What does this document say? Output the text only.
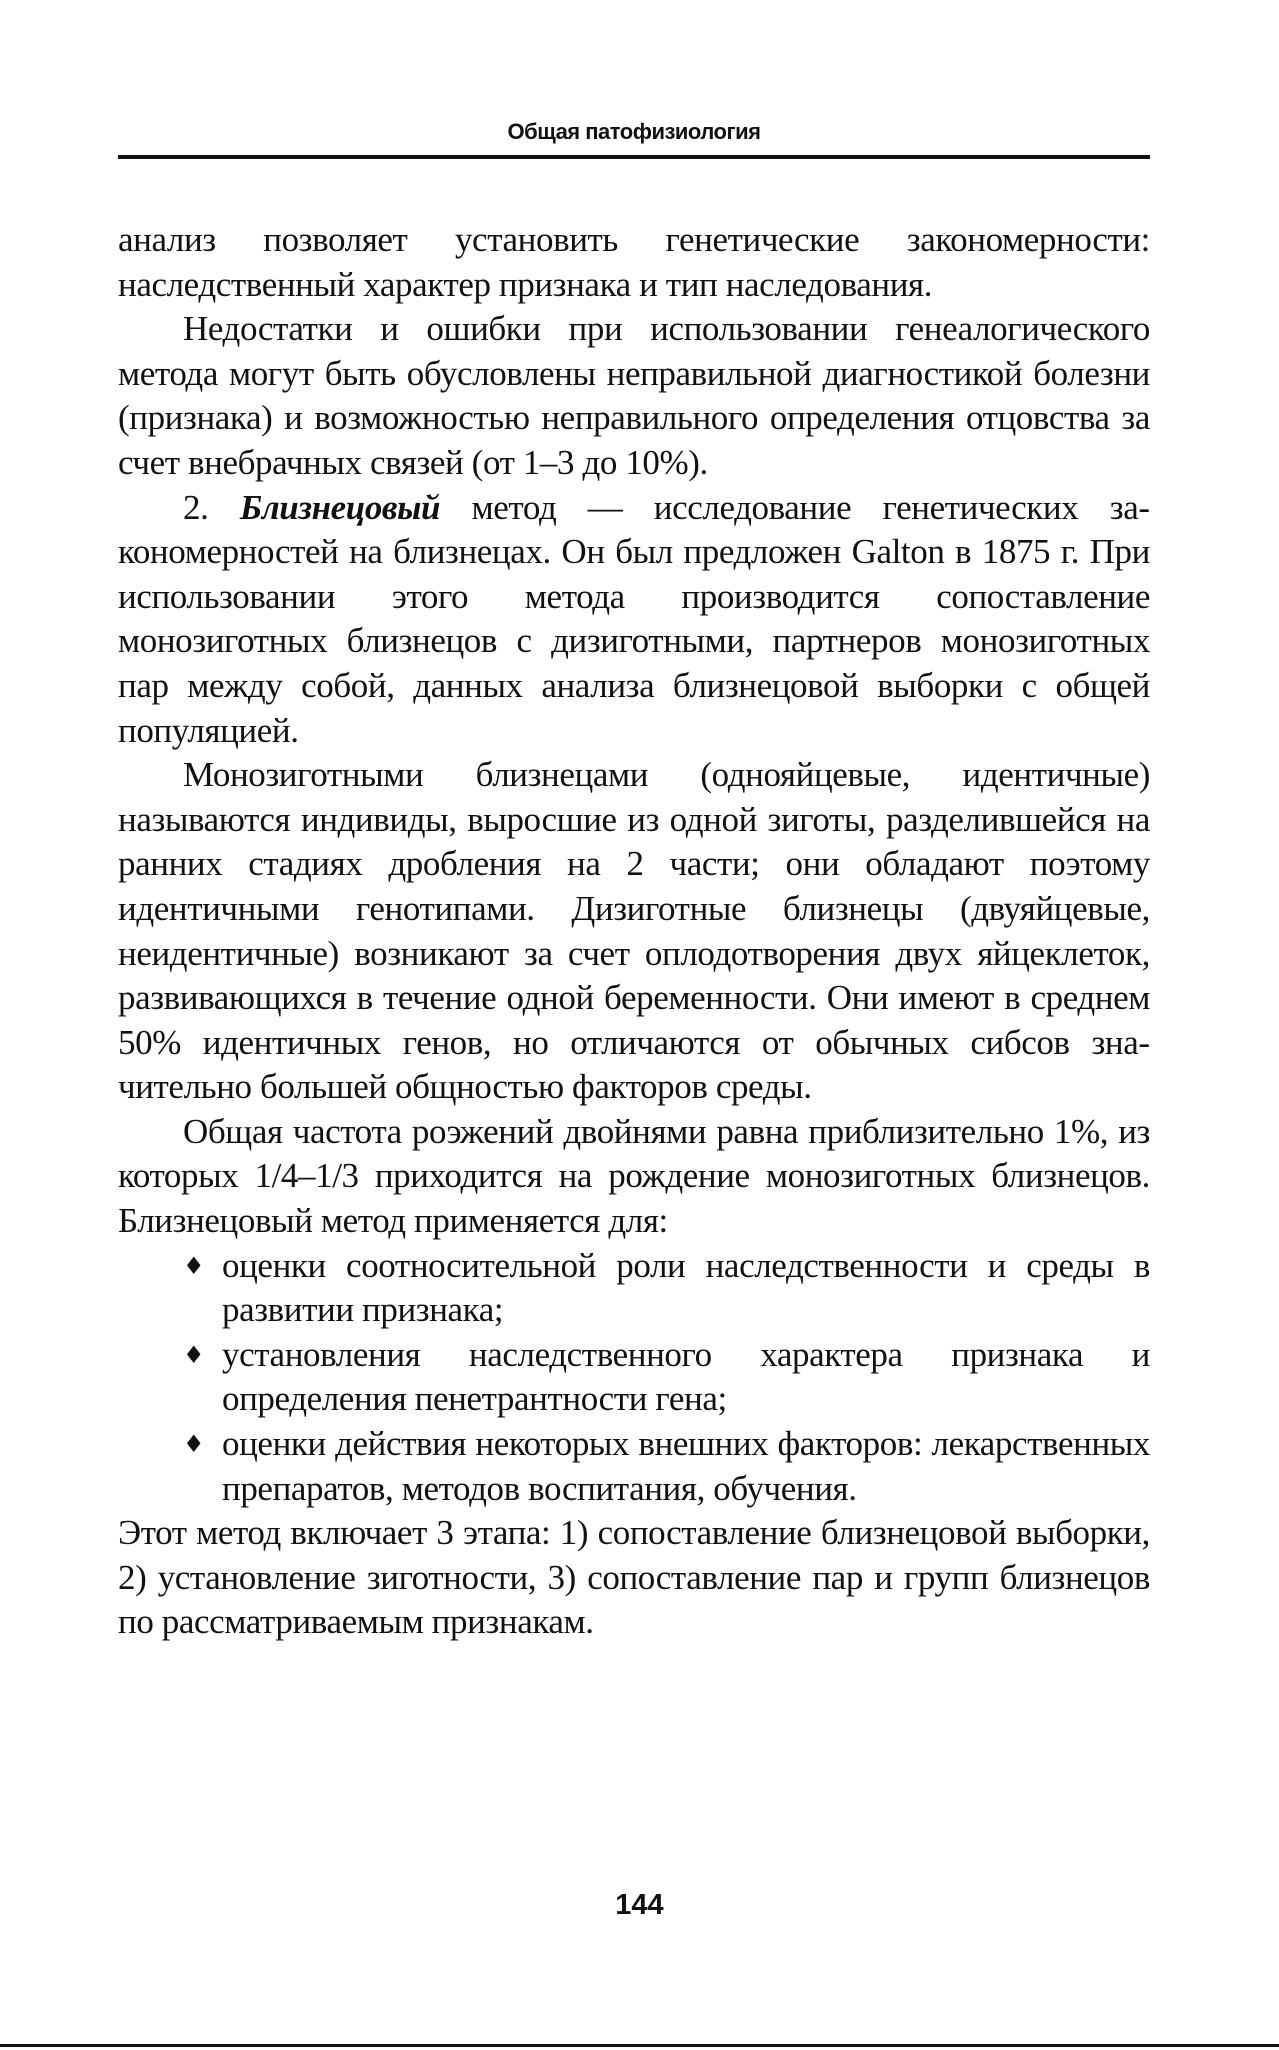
Общая патофизиология

анализ позволяет установить генетические закономерности: наследственный характер признака и тип наследования.

Недостатки и ошибки при использовании генеалогического метода могут быть обусловлены неправильной диагностикой болезни (признака) и возможностью неправильного определения отцовства за счет внебрачных связей (от 1–3 до 10%).

2. Близнецовый метод — исследование генетических закономерностей на близнецах. Он был предложен Galton в 1875 г. При использовании этого метода производится сопоставление монозиготных близнецов с дизиготными, партнеров монозиготных пар между собой, данных анализа близнецовой выборки с общей популяцией.

Монозиготными близнецами (однояйцевые, идентичные) называются индивиды, выросшие из одной зиготы, разделившейся на ранних стадиях дробления на 2 части; они обладают поэтому идентичными генотипами. Дизиготные близнецы (двуяйцевые, неидентичные) возникают за счет оплодотворения двух яйцеклеток, развивающихся в течение одной беременности. Они имеют в среднем 50% идентичных генов, но отличаются от обычных сибсов значительно большей общностью факторов среды.

Общая частота роэжений двойнями равна приблизительно 1%, из которых 1/4–1/3 приходится на рождение монозиготных близнецов. Близнецовый метод применяется для:

♦ оценки соотносительной роли наследственности и среды в развитии признака;
♦ установления наследственного характера признака и определения пенетрантности гена;
♦ оценки действия некоторых внешних факторов: лекарственных препаратов, методов воспитания, обучения.

Этот метод включает 3 этапа: 1) сопоставление близнецовой выборки, 2) установление зиготности, 3) сопоставление пар и групп близнецов по рассматриваемым признакам.

144
